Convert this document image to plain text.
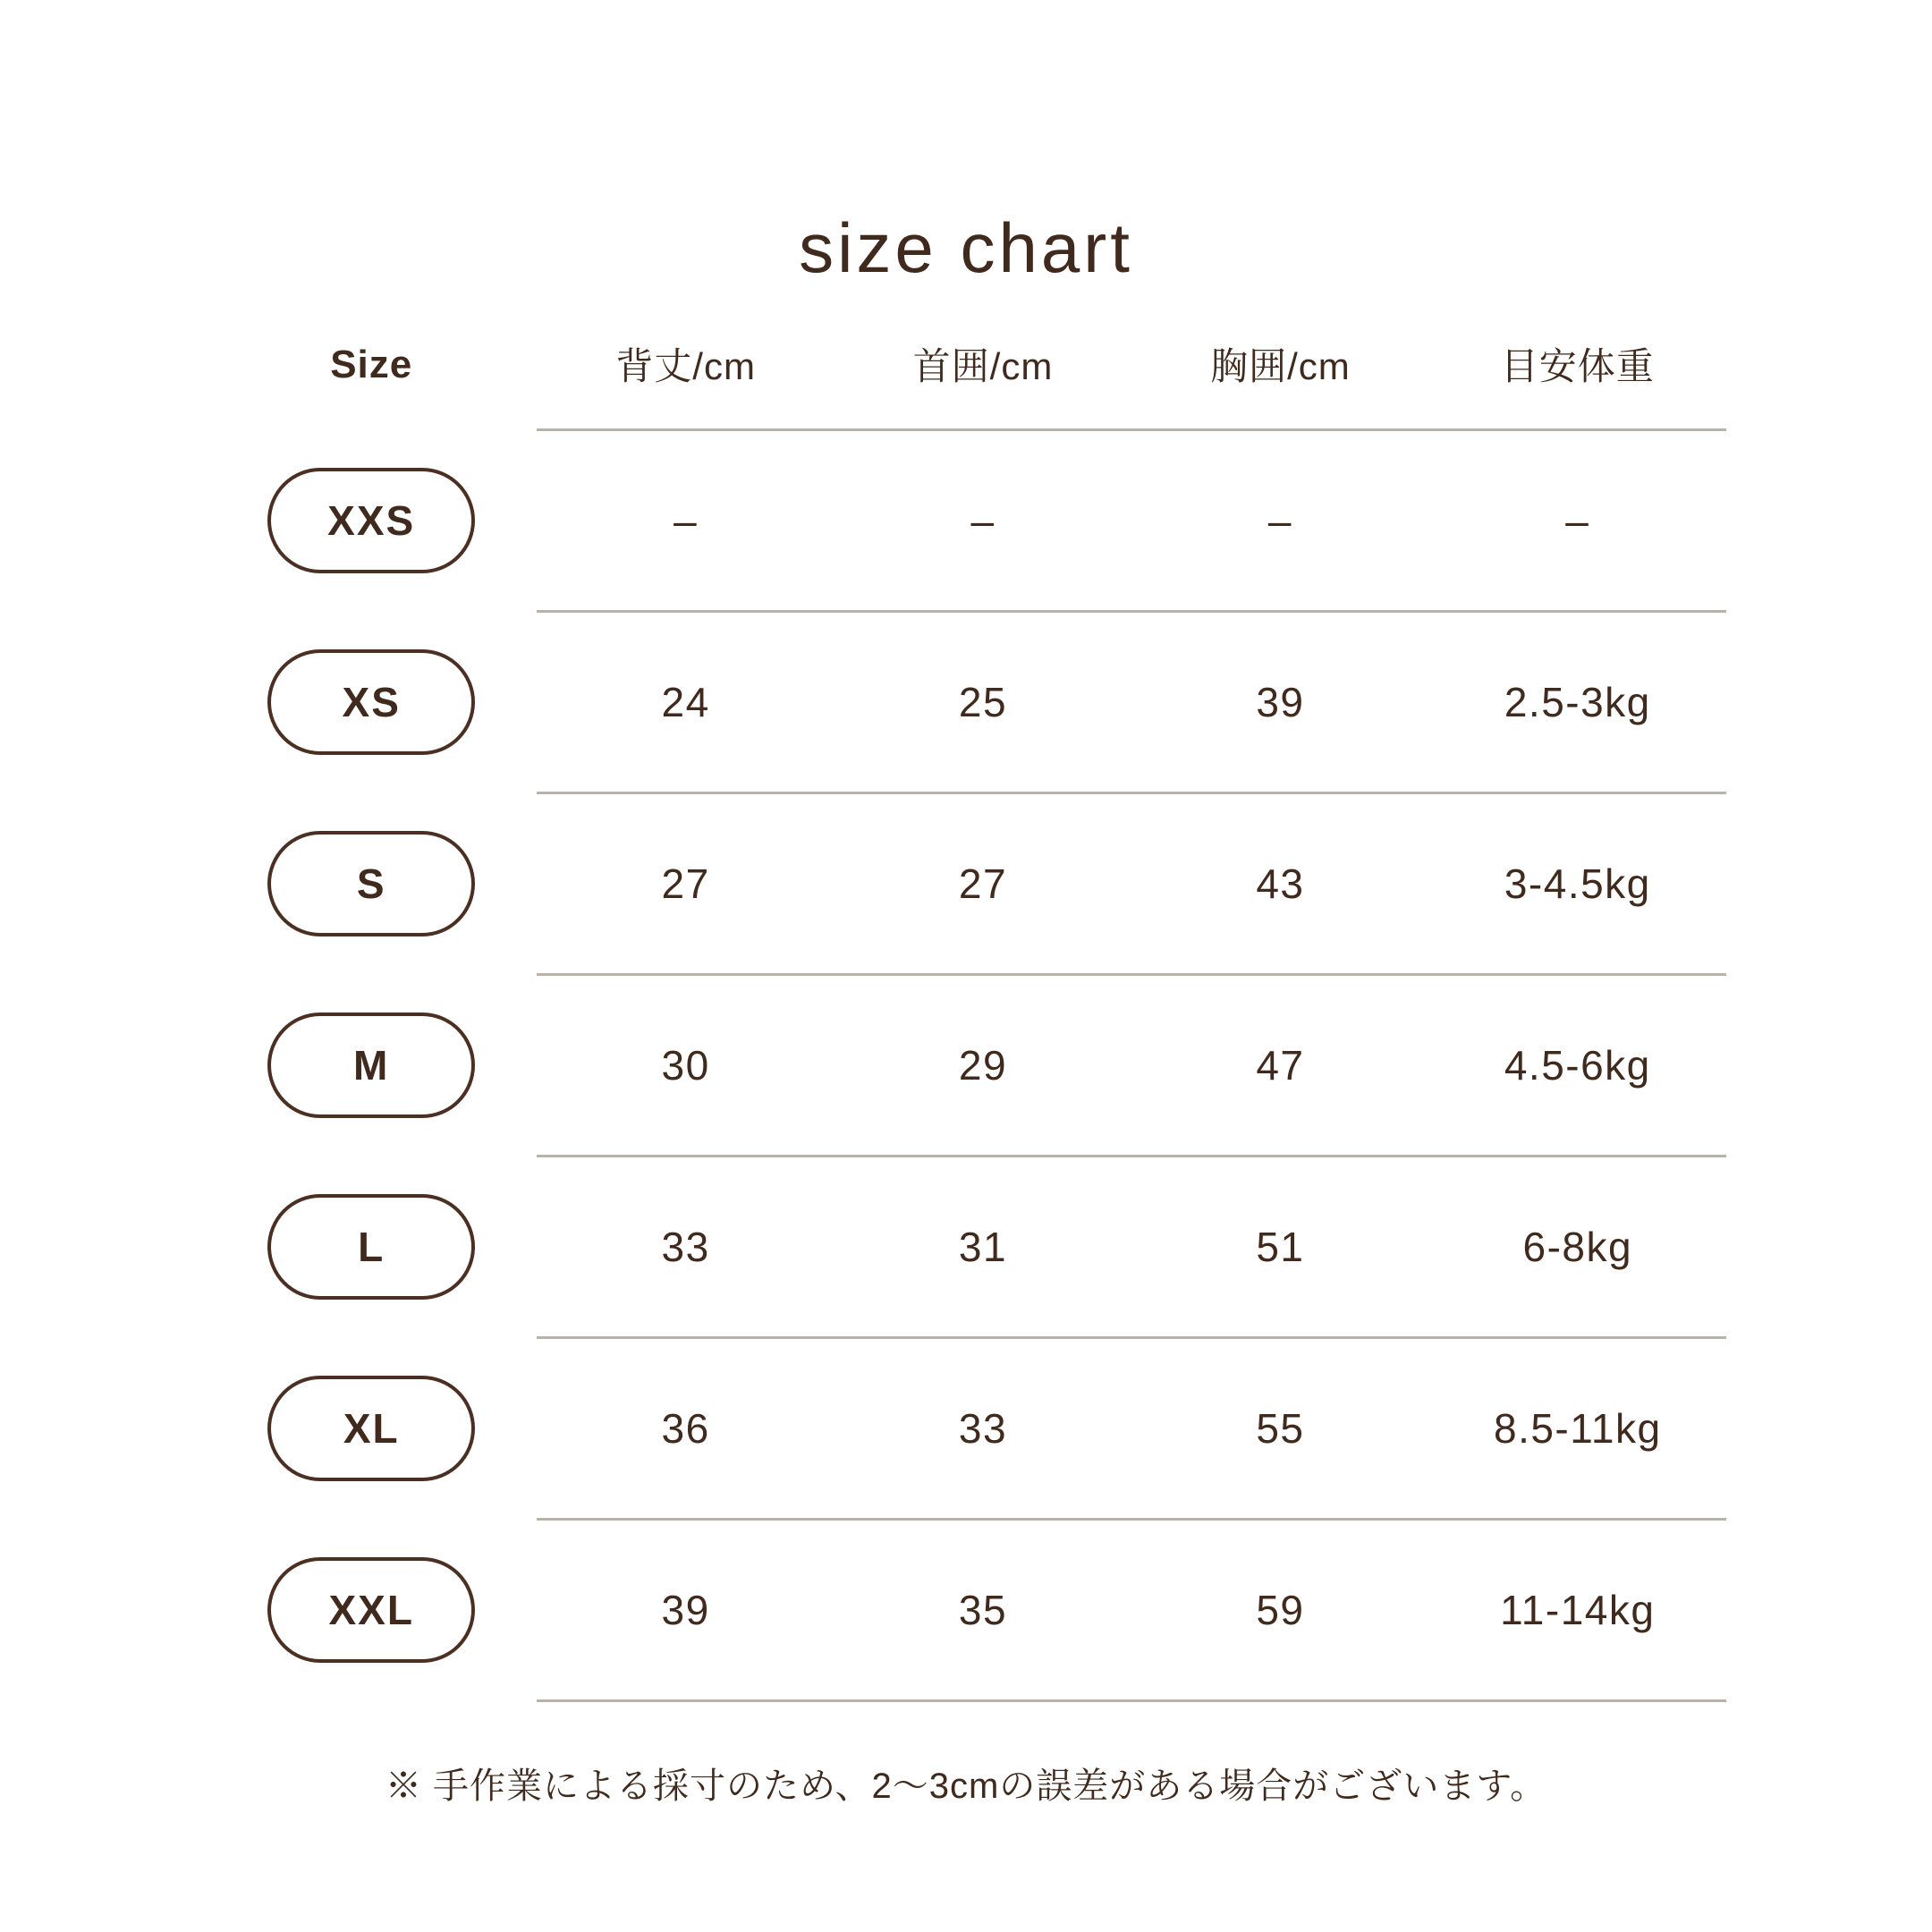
size chart
Size	背丈/cm	首囲/cm	胸囲/cm	目安体重
XXS	–	–	–	–
XS	24	25	39	2.5-3kg
S	27	27	43	3-4.5kg
M	30	29	47	4.5-6kg
L	33	31	51	6-8kg
XL	36	33	55	8.5-11kg
XXL	39	35	59	11-14kg
※ 手作業による採寸のため、2〜3cmの誤差がある場合がございます。
